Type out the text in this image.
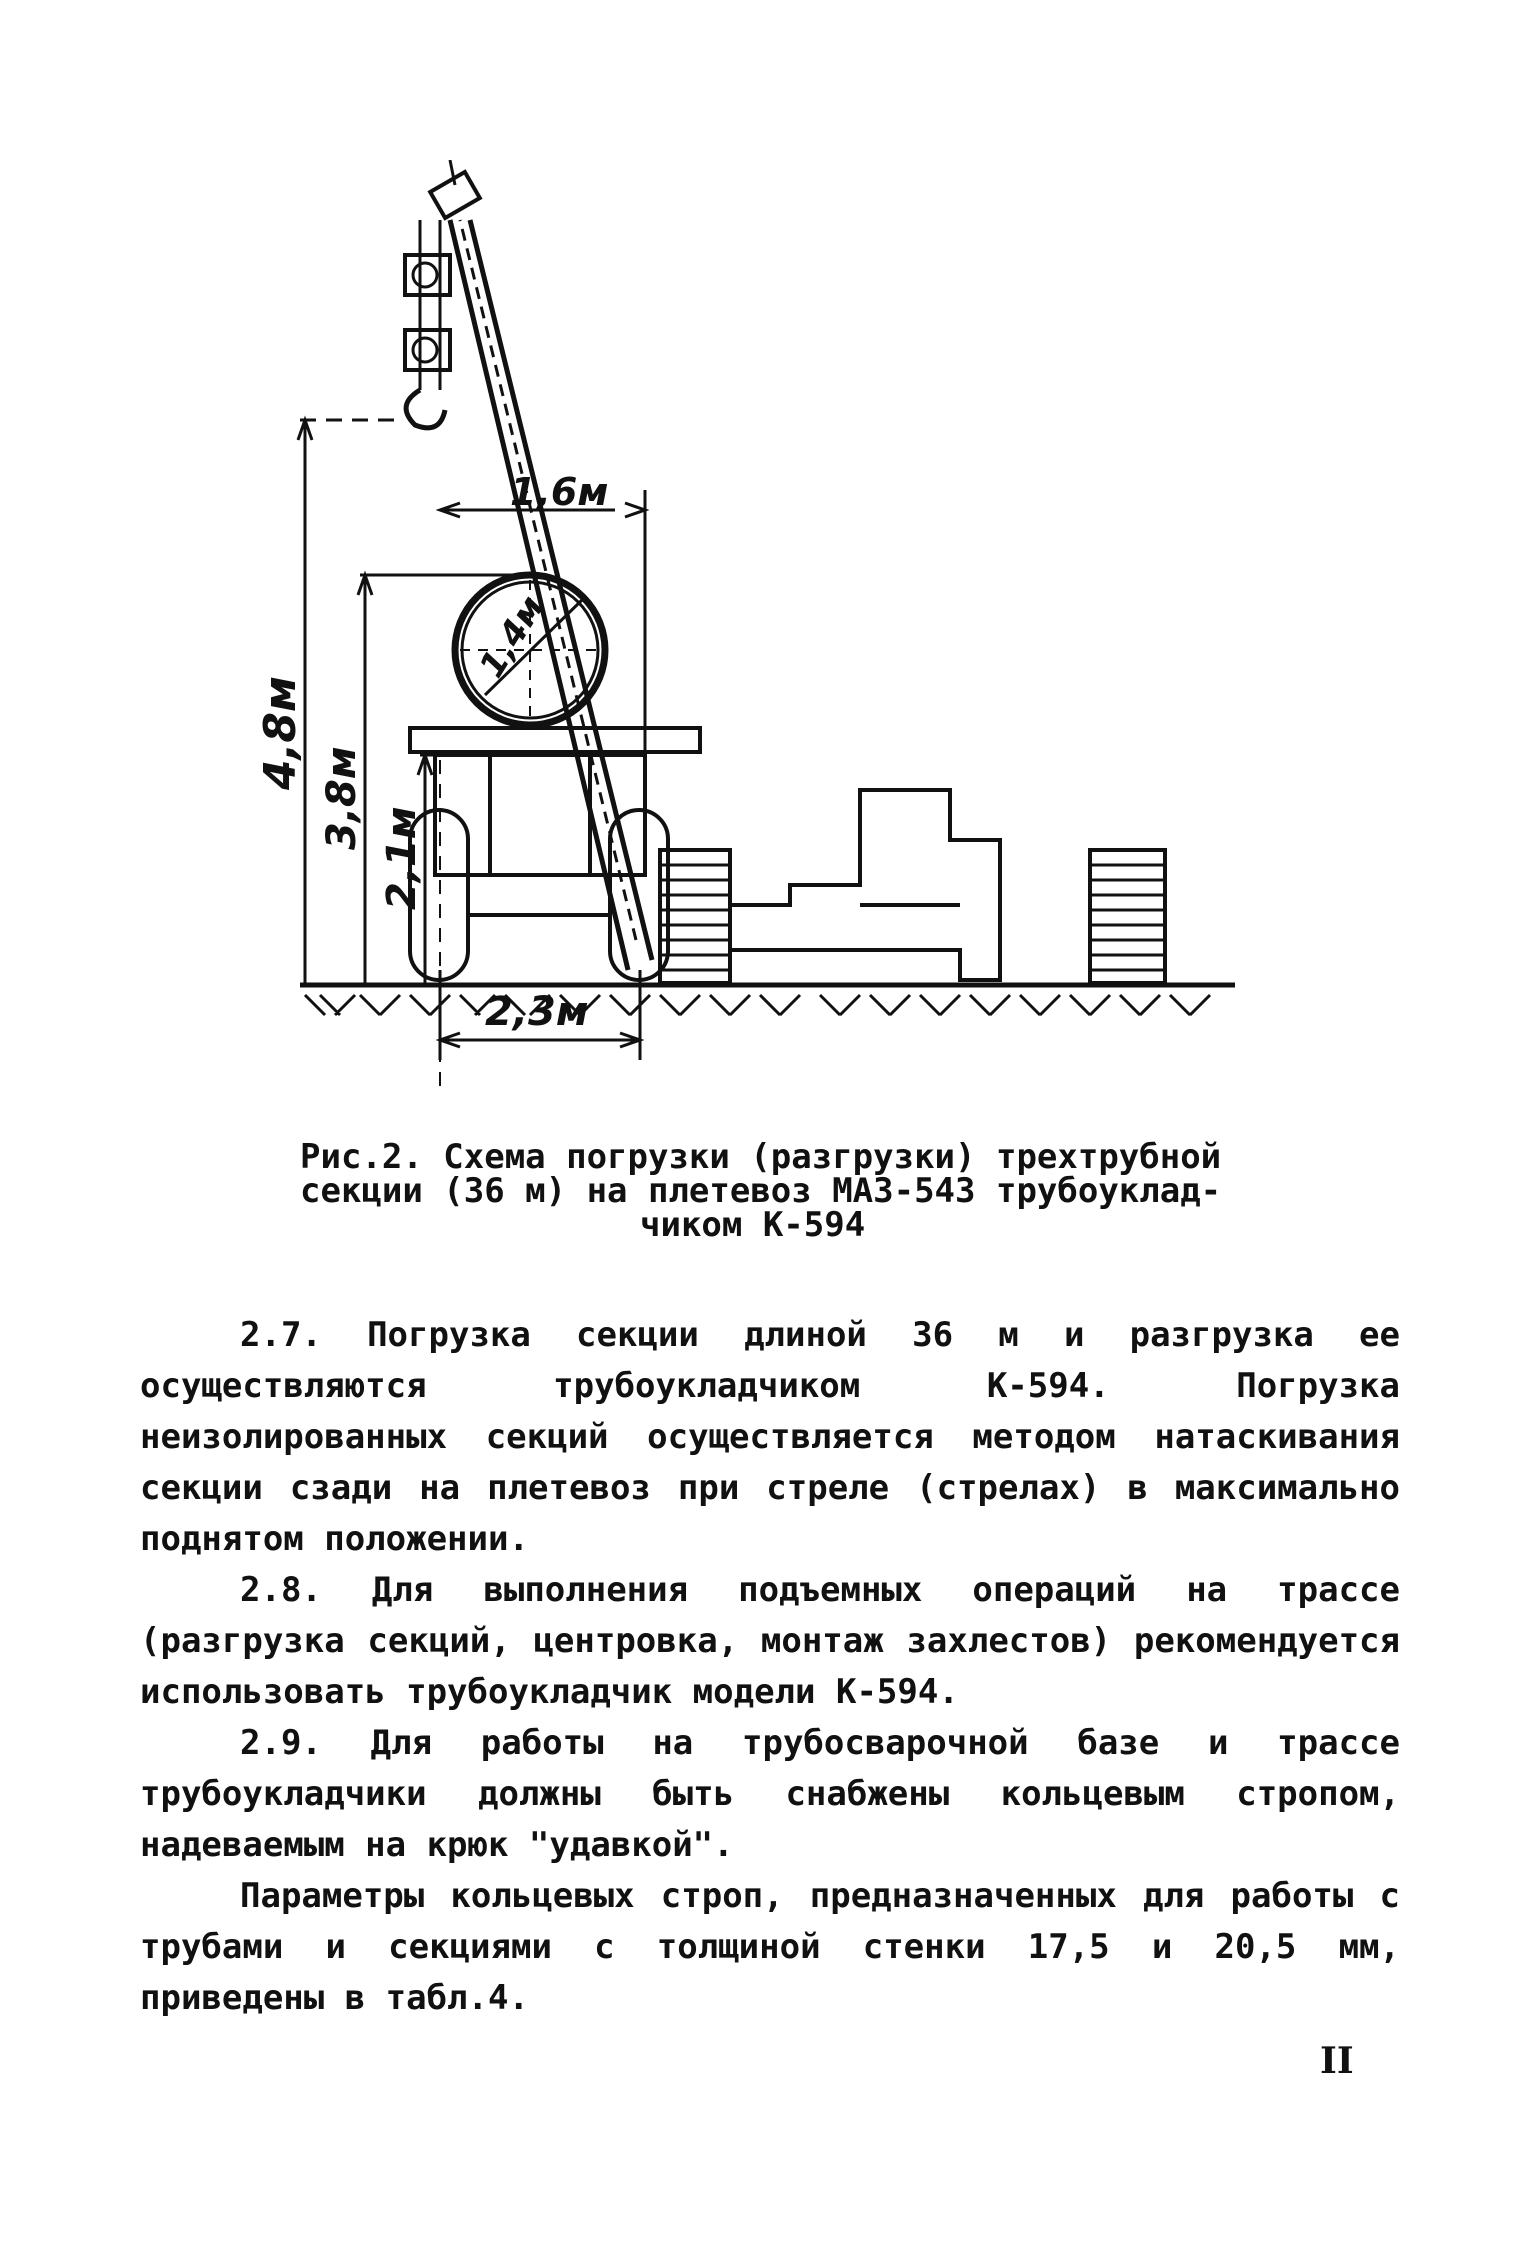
1,6м
1,4м
4,8м
3,8м
2,1м
2,3м
Рис.2. Схема погрузки (разгрузки) трехтрубной
секции (36 м) на плетевоз МАЗ-543 трубоуклад-
чиком К-594

2.7. Погрузка секции длиной 36 м и разгрузка ее осуществляются трубоукладчиком К-594. Погрузка неизолированных секций осуществляется методом натаскивания секции сзади на плетевоз при стреле (стрелах) в максимально поднятом положении.

2.8. Для выполнения подъемных операций на трассе (разгрузка секций, центровка, монтаж захлестов) рекомендуется использовать трубоукладчик модели К-594.

2.9. Для работы на трубосварочной базе и трассе трубоукладчики должны быть снабжены кольцевым стропом, надеваемым на крюк "удавкой".

Параметры кольцевых строп, предназначенных для работы с трубами и секциями с толщиной стенки 17,5 и 20,5 мм, приведены в табл.4.

II
